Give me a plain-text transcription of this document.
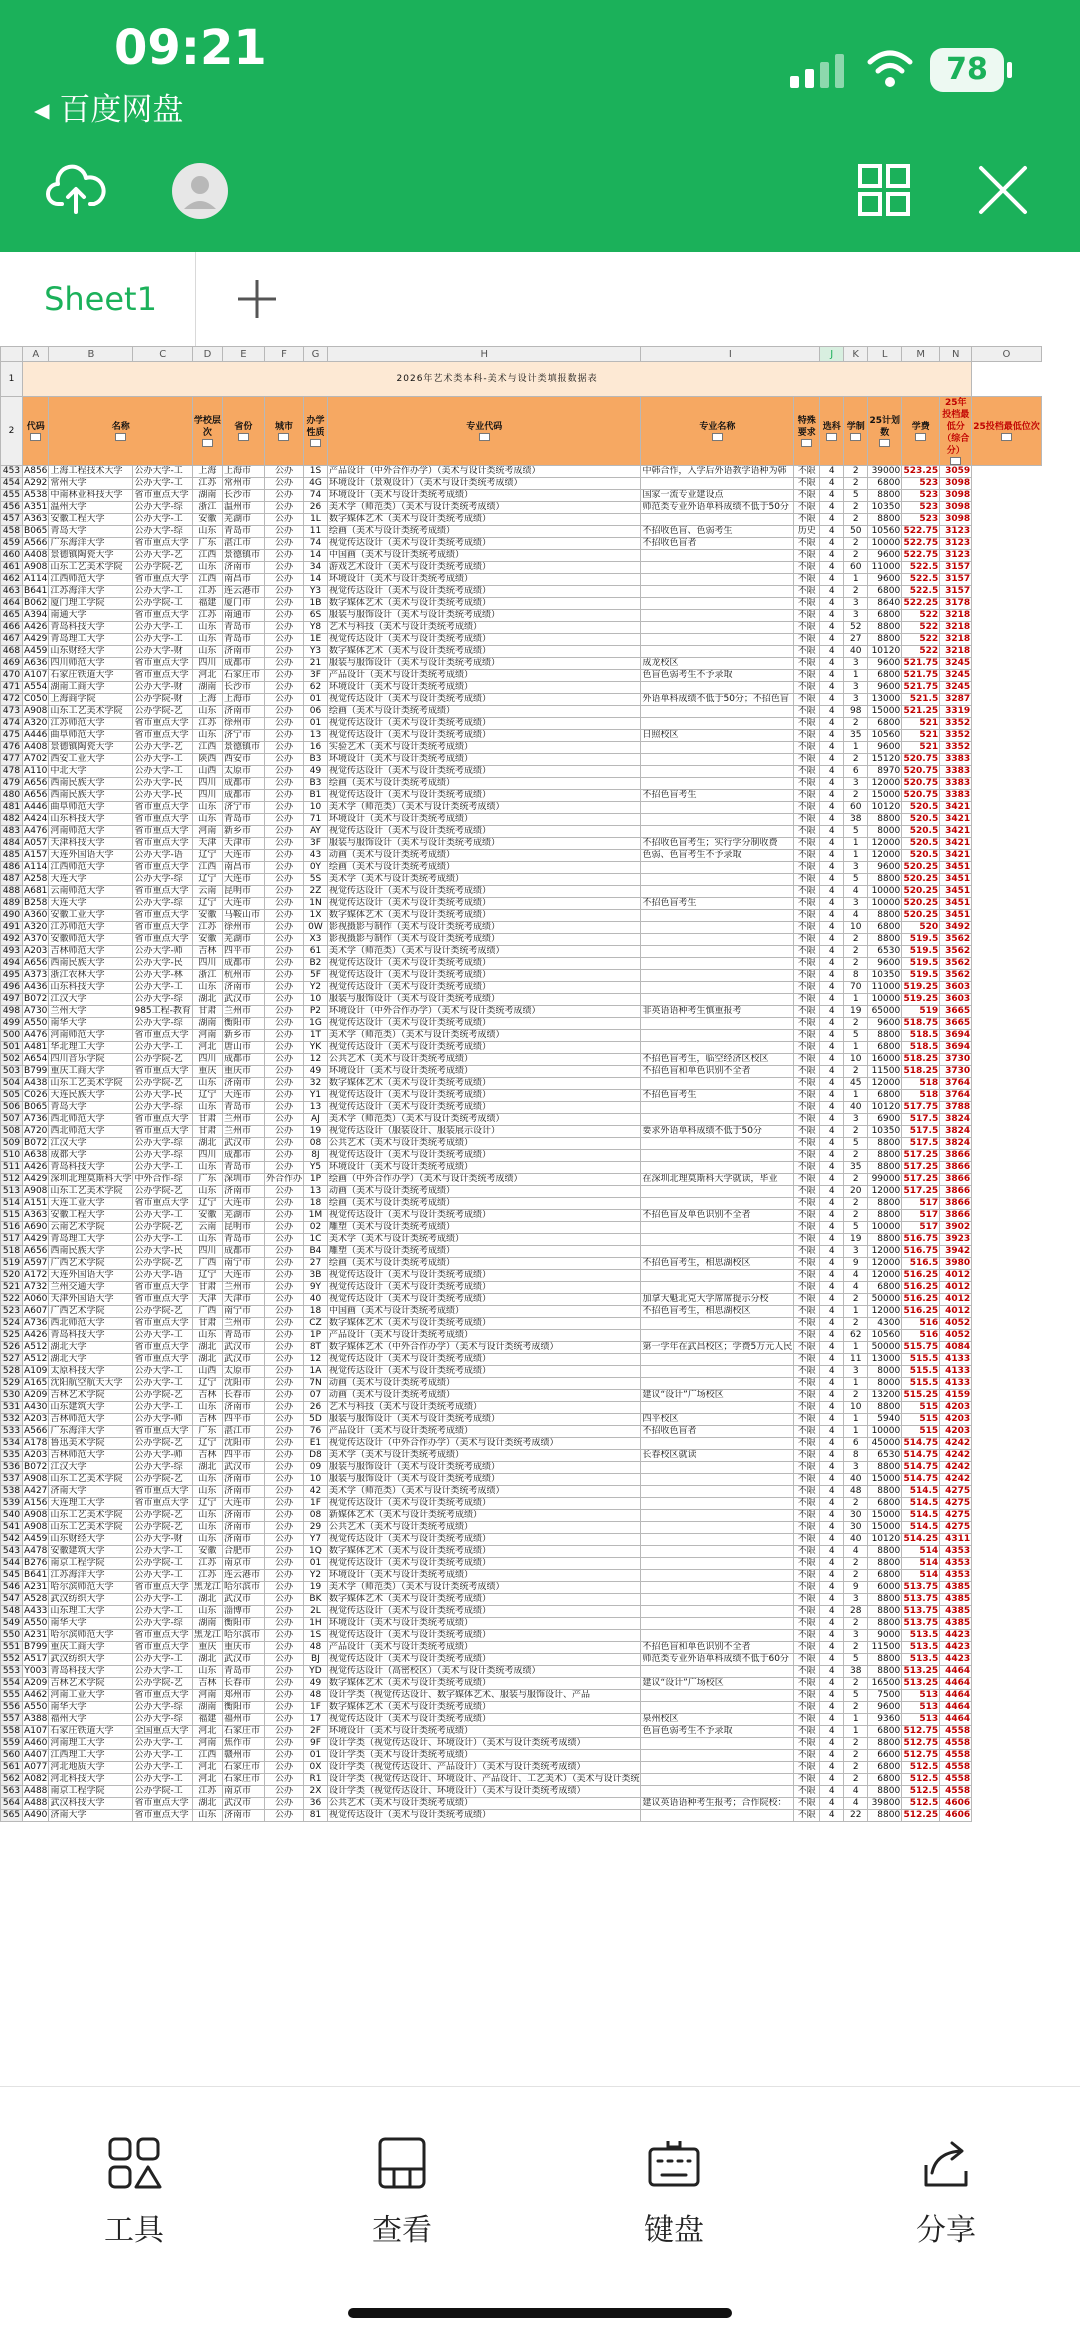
09:21
◂ 百度网盘
78
Sheet1
	A	B	C	D	E	F	G	H	I		J	K	L	M	N	O
1	2026年艺术类本科-美术与设计类填报数据表															
2	代码	名称		学校层次	省份	城市	办学性质	专业代码	专业名称	特殊要求	选科	学制	25计划数	学费	25年投档最低分（综合分）	25投档最低位次

453	A856	上海工程技术大学	公办大学-工	上海	上海市	公办	1S	产品设计（中外合作办学）（美术与设计类统考成绩）	中韩合作，入学后外语教学语种为韩	不限	4	2	39000	523.25	3059	
454	A292	常州大学	公办大学-工	江苏	常州市	公办	4G	环境设计（景观设计）（美术与设计类统考成绩）		不限	4	2	6800	523	3098	
455	A538	中南林业科技大学	省市重点大学	湖南	长沙市	公办	74	环境设计（美术与设计类统考成绩）	国家一流专业建设点	不限	4	5	8800	523	3098	
456	A351	温州大学	公办大学-综	浙江	温州市	公办	26	美术学（师范类）（美术与设计类统考成绩）	师范类专业外语单科成绩不低于50分	不限	4	2	10350	523	3098	
457	A363	安徽工程大学	公办大学-工	安徽	芜湖市	公办	1L	数字媒体艺术（美术与设计类统考成绩）		不限	4	2	8800	523	3098	
458	B065	青岛大学	公办大学-综	山东	青岛市	公办	11	绘画（美术与设计类统考成绩）	不招收色盲、色弱考生	历史	4	50	10560	522.75	3123	
459	A566	广东海洋大学	省市重点大学	广东	湛江市	公办	74	视觉传达设计（美术与设计类统考成绩）	不招收色盲者	不限	4	2	10000	522.75	3123	
460	A408	景德镇陶瓷大学	公办大学-艺	江西	景德镇市	公办	14	中国画（美术与设计类统考成绩）		不限	4	2	9600	522.75	3123	
461	A908	山东工艺美术学院	公办学院-艺	山东	济南市	公办	34	游戏艺术设计（美术与设计类统考成绩）		不限	4	60	11000	522.5	3157	
462	A114	江西师范大学	省市重点大学	江西	南昌市	公办	14	环境设计（美术与设计类统考成绩）		不限	4	1	9600	522.5	3157	
463	B641	江苏海洋大学	公办大学-工	江苏	连云港市	公办	Y3	视觉传达设计（美术与设计类统考成绩）		不限	4	2	6800	522.5	3157	
464	B062	厦门理工学院	公办学院-工	福建	厦门市	公办	1B	数字媒体艺术（美术与设计类统考成绩）		不限	4	3	8640	522.25	3178	
465	A394	南通大学	省市重点大学	江苏	南通市	公办	6S	服装与服饰设计（美术与设计类统考成绩）		不限	4	3	6800	522	3218	
466	A426	青岛科技大学	公办大学-工	山东	青岛市	公办	Y8	艺术与科技（美术与设计类统考成绩）		不限	4	52	8800	522	3218	
467	A429	青岛理工大学	公办大学-工	山东	青岛市	公办	1E	视觉传达设计（美术与设计类统考成绩）		不限	4	27	8800	522	3218	
468	A459	山东财经大学	公办大学-财	山东	济南市	公办	Y3	数字媒体艺术（美术与设计类统考成绩）		不限	4	40	10120	522	3218	
469	A636	四川师范大学	省市重点大学	四川	成都市	公办	21	服装与服饰设计（美术与设计类统考成绩）	成龙校区	不限	4	3	9600	521.75	3245	
470	A107	石家庄铁道大学	省市重点大学	河北	石家庄市	公办	3F	产品设计（美术与设计类统考成绩）	色盲色弱考生不予录取	不限	4	1	6800	521.75	3245	
471	A554	湖南工商大学	公办大学-财	湖南	长沙市	公办	62	环境设计（美术与设计类统考成绩）		不限	4	3	9600	521.75	3245	
472	C050	上海商学院	公办学院-财	上海	上海市	公办	01	视觉传达设计（美术与设计类统考成绩）	外语单科成绩不低于50分；不招色盲	不限	4	3	13000	521.5	3287	
473	A908	山东工艺美术学院	公办学院-艺	山东	济南市	公办	06	绘画（美术与设计类统考成绩）		不限	4	98	15000	521.25	3319	
474	A320	江苏师范大学	省市重点大学	江苏	徐州市	公办	01	视觉传达设计（美术与设计类统考成绩）		不限	4	2	6800	521	3352	
475	A446	曲阜师范大学	省市重点大学	山东	济宁市	公办	13	视觉传达设计（美术与设计类统考成绩）	日照校区	不限	4	35	10560	521	3352	
476	A408	景德镇陶瓷大学	公办大学-艺	江西	景德镇市	公办	16	实验艺术（美术与设计类统考成绩）		不限	4	1	9600	521	3352	
477	A702	西安工业大学	公办大学-工	陕西	西安市	公办	B3	环境设计（美术与设计类统考成绩）		不限	4	2	15120	520.75	3383	
478	A110	中北大学	公办大学-工	山西	太原市	公办	49	视觉传达设计（美术与设计类统考成绩）		不限	4	6	8970	520.75	3383	
479	A656	西南民族大学	公办大学-民	四川	成都市	公办	B3	绘画（美术与设计类统考成绩）		不限	4	3	12000	520.75	3383	
480	A656	西南民族大学	公办大学-民	四川	成都市	公办	B1	视觉传达设计（美术与设计类统考成绩）	不招色盲考生	不限	4	2	15000	520.75	3383	
481	A446	曲阜师范大学	省市重点大学	山东	济宁市	公办	10	美术学（师范类）（美术与设计类统考成绩）		不限	4	60	10120	520.5	3421	
482	A424	山东科技大学	省市重点大学	山东	青岛市	公办	71	环境设计（美术与设计类统考成绩）		不限	4	38	8800	520.5	3421	
483	A476	河南师范大学	省市重点大学	河南	新乡市	公办	AY	视觉传达设计（美术与设计类统考成绩）		不限	4	5	8000	520.5	3421	
484	A057	天津科技大学	省市重点大学	天津	天津市	公办	3F	服装与服饰设计（美术与设计类统考成绩）	不招收色盲考生；实行学分制收费	不限	4	1	12000	520.5	3421	
485	A157	大连外国语大学	公办大学-语	辽宁	大连市	公办	43	动画（美术与设计类统考成绩）	色弱、色盲考生不予录取	不限	4	1	12000	520.5	3421	
486	A114	江西师范大学	省市重点大学	江西	南昌市	公办	0Y	绘画（美术与设计类统考成绩）		不限	4	3	9600	520.25	3451	
487	A258	大连大学	公办大学-综	辽宁	大连市	公办	5S	美术学（美术与设计类统考成绩）		不限	4	5	8800	520.25	3451	
488	A681	云南师范大学	省市重点大学	云南	昆明市	公办	2Z	视觉传达设计（美术与设计类统考成绩）		不限	4	4	10000	520.25	3451	
489	B258	大连大学	公办大学-综	辽宁	大连市	公办	1N	视觉传达设计（美术与设计类统考成绩）	不招色盲考生	不限	4	3	10000	520.25	3451	
490	A360	安徽工业大学	省市重点大学	安徽	马鞍山市	公办	1X	数字媒体艺术（美术与设计类统考成绩）		不限	4	4	8800	520.25	3451	
491	A320	江苏师范大学	省市重点大学	江苏	徐州市	公办	0W	影视摄影与制作（美术与设计类统考成绩）		不限	4	10	6800	520	3492	
492	A370	安徽师范大学	省市重点大学	安徽	芜湖市	公办	X3	影视摄影与制作（美术与设计类统考成绩）		不限	4	2	8800	519.5	3562	
493	A203	吉林师范大学	公办大学-师	吉林	四平市	公办	61	美术学（师范类）（美术与设计类统考成绩）		不限	4	2	6530	519.5	3562	
494	A656	西南民族大学	公办大学-民	四川	成都市	公办	B2	视觉传达设计（美术与设计类统考成绩）		不限	4	2	9600	519.5	3562	
495	A373	浙江农林大学	公办大学-林	浙江	杭州市	公办	5F	视觉传达设计（美术与设计类统考成绩）		不限	4	8	10350	519.5	3562	
496	A436	山东科技大学	公办大学-工	山东	济南市	公办	Y2	视觉传达设计（美术与设计类统考成绩）		不限	4	70	11000	519.25	3603	
497	B072	江汉大学	公办大学-综	湖北	武汉市	公办	10	服装与服饰设计（美术与设计类统考成绩）		不限	4	1	10000	519.25	3603	
498	A730	兰州大学	985工程-教育	甘肃	兰州市	公办	P2	环境设计（中外合作办学）（美术与设计类统考成绩）	非英语语种考生慎重报考	不限	4	19	65000	519	3665	
499	A550	南华大学	公办大学-综	湖南	衡阳市	公办	1G	视觉传达设计（美术与设计类统考成绩）		不限	4	2	9600	518.75	3665	
500	A476	河南师范大学	省市重点大学	河南	新乡市	公办	1T	美术学（师范类）（美术与设计类统考成绩）		不限	4	5	8800	518.5	3694	
501	A481	华北理工大学	公办大学-工	河北	唐山市	公办	YK	视觉传达设计（美术与设计类统考成绩）		不限	4	1	6800	518.5	3694	
502	A654	四川音乐学院	公办学院-艺	四川	成都市	公办	12	公共艺术（美术与设计类统考成绩）	不招色盲考生，临空经济区校区	不限	4	10	16000	518.25	3730	
503	B799	重庆工商大学	省市重点大学	重庆	重庆市	公办	49	环境设计（美术与设计类统考成绩）	不招色盲和单色识别不全者	不限	4	2	11500	518.25	3730	
504	A438	山东工艺美术学院	公办学院-艺	山东	济南市	公办	32	数字媒体艺术（美术与设计类统考成绩）		不限	4	45	12000	518	3764	
505	C026	大连民族大学	公办大学-民	辽宁	大连市	公办	Y1	视觉传达设计（美术与设计类统考成绩）	不招色盲考生	不限	4	1	6800	518	3764	
506	B065	青岛大学	公办大学-综	山东	青岛市	公办	13	视觉传达设计（美术与设计类统考成绩）		不限	4	40	10120	517.75	3788	
507	A736	西北师范大学	省市重点大学	甘肃	兰州市	公办	AJ	美术学（师范类）（美术与设计类统考成绩）		不限	4	3	6900	517.5	3824	
508	A720	西北师范大学	省市重点大学	甘肃	兰州市	公办	19	视觉传达设计（服装设计、服装展示设计）	要求外语单科成绩不低于50分	不限	4	2	10350	517.5	3824	
509	B072	江汉大学	公办大学-综	湖北	武汉市	公办	08	公共艺术（美术与设计类统考成绩）		不限	4	5	8800	517.5	3824	
510	A638	成都大学	公办大学-综	四川	成都市	公办	8J	视觉传达设计（美术与设计类统考成绩）		不限	4	2	8800	517.25	3866	
511	A426	青岛科技大学	公办大学-工	山东	青岛市	公办	Y5	环境设计（美术与设计类统考成绩）		不限	4	35	8800	517.25	3866	
512	A429	深圳北理莫斯科大学	中外合作-综	广东	深圳市	外合作办	1P	绘画（中外合作办学）（美术与设计类统考成绩）	在深圳北理莫斯科大学就读，毕业	不限	4	2	99000	517.25	3866	
513	A908	山东工艺美术学院	公办学院-艺	山东	济南市	公办	13	动画（美术与设计类统考成绩）		不限	4	20	12000	517.25	3866	
514	A151	大连工业大学	省市重点大学	辽宁	大连市	公办	18	绘画（美术与设计类统考成绩）		不限	4	2	8800	517	3866	
515	A363	安徽工程大学	公办大学-工	安徽	芜湖市	公办	1M	视觉传达设计（美术与设计类统考成绩）	不招色盲及单色识别不全者	不限	4	2	8800	517	3866	
516	A690	云南艺术学院	公办学院-艺	云南	昆明市	公办	02	雕塑（美术与设计类统考成绩）		不限	4	5	10000	517	3902	
517	A429	青岛理工大学	公办大学-工	山东	青岛市	公办	1C	美术学（美术与设计类统考成绩）		不限	4	19	8800	516.75	3923	
518	A656	西南民族大学	公办大学-民	四川	成都市	公办	B4	雕塑（美术与设计类统考成绩）		不限	4	3	12000	516.75	3942	
519	A597	广西艺术学院	公办学院-艺	广西	南宁市	公办	27	绘画（美术与设计类统考成绩）	不招色盲考生，相思湖校区	不限	4	9	12000	516.5	3980	
520	A172	大连外国语大学	公办大学-语	辽宁	大连市	公办	3B	视觉传达设计（美术与设计类统考成绩）		不限	4	4	12000	516.25	4012	
521	A732	兰州交通大学	省市重点大学	甘肃	兰州市	公办	9Y	视觉传达设计（美术与设计类统考成绩）		不限	4	4	6800	516.25	4012	
522	A060	天津外国语大学	省市重点大学	天津	天津市	公办	40	视觉传达设计（美术与设计类统考成绩）	加拿大魁北克大学席席提示分校	不限	4	2	50000	516.25	4012	
523	A607	广西艺术学院	公办学院-艺	广西	南宁市	公办	18	中国画（美术与设计类统考成绩）	不招色盲考生，相思湖校区	不限	4	1	12000	516.25	4012	
524	A736	西北师范大学	省市重点大学	甘肃	兰州市	公办	CZ	数字媒体艺术（美术与设计类统考成绩）		不限	4	2	4300	516	4052	
525	A426	青岛科技大学	公办大学-工	山东	青岛市	公办	1P	产品设计（美术与设计类统考成绩）		不限	4	62	10560	516	4052	
526	A512	湖北大学	省市重点大学	湖北	武汉市	公办	8T	数字媒体艺术（中外合作办学）（美术与设计类统考成绩）	第一学年在武昌校区；学费5万元人民	不限	4	1	50000	515.75	4084	
527	A512	湖北大学	省市重点大学	湖北	武汉市	公办	12	视觉传达设计（美术与设计类统考成绩）		不限	4	11	13000	515.5	4133	
528	A109	太原科技大学	公办大学-工	山西	太原市	公办	1A	视觉传达设计（美术与设计类统考成绩）		不限	4	3	8000	515.5	4133	
529	A165	沈阳航空航天大学	公办大学-工	辽宁	沈阳市	公办	7N	动画（美术与设计类统考成绩）		不限	4	1	8000	515.5	4133	
530	A209	吉林艺术学院	公办学院-艺	吉林	长春市	公办	07	动画（美术与设计类统考成绩）	建议“设计”广场校区	不限	4	2	13200	515.25	4159	
531	A430	山东建筑大学	公办大学-工	山东	济南市	公办	26	艺术与科技（美术与设计类统考成绩）		不限	4	10	8800	515	4203	
532	A203	吉林师范大学	公办大学-师	吉林	四平市	公办	5D	服装与服饰设计（美术与设计类统考成绩）	四平校区	不限	4	1	5940	515	4203	
533	A566	广东海洋大学	省市重点大学	广东	湛江市	公办	76	产品设计（美术与设计类统考成绩）	不招收色盲者	不限	4	1	10000	515	4203	
534	A178	鲁迅美术学院	公办学院-艺	辽宁	沈阳市	公办	E1	视觉传达设计（中外合作办学）（美术与设计类统考成绩）		不限	4	6	45000	514.75	4242	
535	A203	吉林师范大学	公办大学-师	吉林	四平市	公办	D8	美术学（美术与设计类统考成绩）	长春校区就读	不限	4	8	6530	514.75	4242	
536	B072	江汉大学	公办大学-综	湖北	武汉市	公办	09	服装与服饰设计（美术与设计类统考成绩）		不限	4	3	8800	514.75	4242	
537	A908	山东工艺美术学院	公办学院-艺	山东	济南市	公办	10	服装与服饰设计（美术与设计类统考成绩）		不限	4	40	15000	514.75	4242	
538	A427	济南大学	省市重点大学	山东	济南市	公办	42	美术学（师范类）（美术与设计类统考成绩）		不限	4	48	8800	514.5	4275	
539	A156	大连理工大学	省市重点大学	辽宁	大连市	公办	1F	视觉传达设计（美术与设计类统考成绩）		不限	4	2	6800	514.5	4275	
540	A908	山东工艺美术学院	公办学院-艺	山东	济南市	公办	08	新媒体艺术（美术与设计类统考成绩）		不限	4	30	15000	514.5	4275	
541	A908	山东工艺美术学院	公办学院-艺	山东	济南市	公办	29	公共艺术（美术与设计类统考成绩）		不限	4	30	15000	514.5	4275	
542	A459	山东财经大学	公办大学-财	山东	济南市	公办	Y7	视觉传达设计（美术与设计类统考成绩）		不限	4	40	10120	514.25	4311	
543	A478	安徽建筑大学	公办大学-工	安徽	合肥市	公办	1Q	数字媒体艺术（美术与设计类统考成绩）		不限	4	4	8800	514	4353	
544	B276	南京工程学院	公办学院-工	江苏	南京市	公办	01	视觉传达设计（美术与设计类统考成绩）		不限	4	2	8800	514	4353	
545	B641	江苏海洋大学	公办大学-工	江苏	连云港市	公办	Y2	环境设计（美术与设计类统考成绩）		不限	4	2	6800	514	4353	
546	A231	哈尔滨师范大学	省市重点大学	黑龙江	哈尔滨市	公办	19	美术学（师范类）（美术与设计类统考成绩）		不限	4	9	6000	513.75	4385	
547	A528	武汉纺织大学	公办大学-工	湖北	武汉市	公办	BK	数字媒体艺术（美术与设计类统考成绩）		不限	4	3	8800	513.75	4385	
548	A433	山东理工大学	公办大学-工	山东	淄博市	公办	2L	视觉传达设计（美术与设计类统考成绩）		不限	4	28	8800	513.75	4385	
549	A550	南华大学	公办大学-综	湖南	衡阳市	公办	1H	环境设计（美术与设计类统考成绩）		不限	4	2	8800	513.75	4385	
550	A231	哈尔滨师范大学	省市重点大学	黑龙江	哈尔滨市	公办	1S	视觉传达设计（美术与设计类统考成绩）		不限	4	3	9000	513.5	4423	
551	B799	重庆工商大学	省市重点大学	重庆	重庆市	公办	48	产品设计（美术与设计类统考成绩）	不招色盲和单色识别不全者	不限	4	2	11500	513.5	4423	
552	A517	武汉纺织大学	公办大学-工	湖北	武汉市	公办	BJ	视觉传达设计（美术与设计类统考成绩）	师范类专业外语单科成绩不低于60分	不限	4	5	8800	513.5	4423	
553	Y003	青岛科技大学	公办大学-工	山东	青岛市	公办	YD	视觉传达设计（高密校区）（美术与设计类统考成绩）		不限	4	38	8800	513.25	4464	
554	A209	吉林艺术学院	公办学院-艺	吉林	长春市	公办	49	数字媒体艺术（美术与设计类统考成绩）	建议“设计”广场校区	不限	4	2	16500	513.25	4464	
555	A462	河南工业大学	省市重点大学	河南	郑州市	公办	48	设计学类（视觉传达设计、数字媒体艺术、服装与服饰设计、产品		不限	4	5	7500	513	4464	
556	A550	南华大学	公办大学-综	湖南	衡阳市	公办	1F	数字媒体艺术（美术与设计类统考成绩）		不限	4	2	9600	513	4464	
557	A388	福州大学	公办大学-综	福建	福州市	公办	17	视觉传达设计（美术与设计类统考成绩）	泉州校区	不限	4	1	9360	513	4464	
558	A107	石家庄铁道大学	全国重点大学	河北	石家庄市	公办	2F	环境设计（美术与设计类统考成绩）	色盲色弱考生不予录取	不限	4	1	6800	512.75	4558	
559	A460	河南理工大学	公办大学-工	河南	焦作市	公办	9F	设计学类（视觉传达设计、环境设计）（美术与设计类统考成绩）		不限	4	2	8800	512.75	4558	
560	A407	江西理工大学	公办大学-工	江西	赣州市	公办	01	设计学类（美术与设计类统考成绩）		不限	4	2	6600	512.75	4558	
561	A077	河北地质大学	公办大学-工	河北	石家庄市	公办	0X	设计学类（视觉传达设计、产品设计）（美术与设计类统考成绩）		不限	4	2	6800	512.5	4558	
562	A082	河北科技大学	公办大学-工	河北	石家庄市	公办	R1	设计学类（视觉传达设计、环境设计、产品设计、工艺美术）（美术与设计类统		不限	4	2	6800	512.5	4558	
563	A488	南京工程学院	公办学院-工	江苏	南京市	公办	2X	设计学类（视觉传达设计、环境设计）（美术与设计类统考成绩）		不限	4	4	8800	512.5	4558	
564	A488	武汉科技大学	省市重点大学	湖北	武汉市	公办	36	公共艺术（美术与设计类统考成绩）	建议英语语种考生报考；合作院校：	不限	4	4	39800	512.5	4606	
565	A490	济南大学	省市重点大学	山东	济南市	公办	81	视觉传达设计（美术与设计类统考成绩）		不限	4	22	8800	512.25	4606	
工具	查看	键盘	分享
